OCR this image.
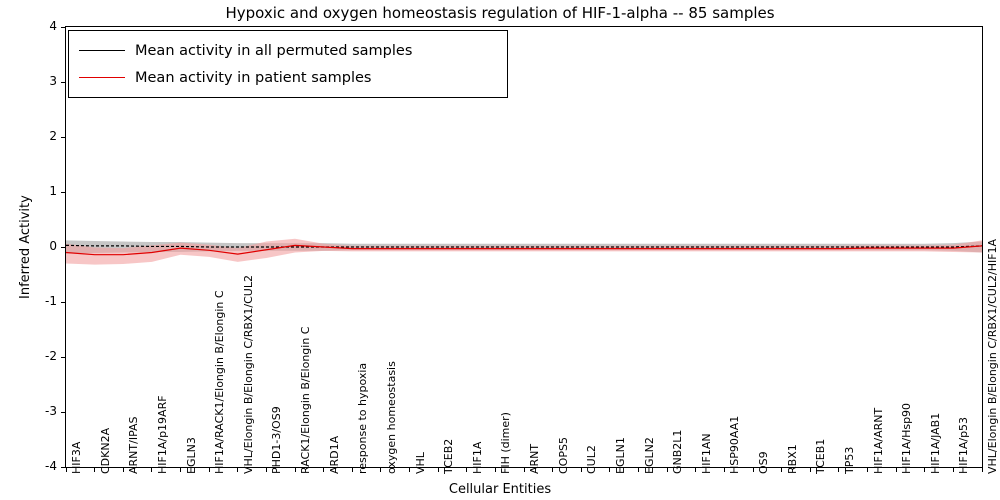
Hypoxic and oxygen homeostasis regulation of HIF-1-alpha -- 85 samples
Inferred Activity
Cellular Entities
-4
-3
-2
-1
0
1
2
3
4
HIF3A CDKN2A ARNT/IPAS HIF1A/p19ARF EGLN3 HIF1A/RACK1/Elongin B/Elongin C VHL/Elongin B/Elongin C/RBX1/CUL2 PHD1-3/OS9 RACK1/Elongin B/Elongin C ARD1A response to hypoxia oxygen homeostasis VHL TCEB2 HIF1A FIH (dimer) ARNT COPS5 CUL2 EGLN1 EGLN2 GNB2L1 HIF1AN HSP90AA1 OS9 RBX1 TCEB1 TP53 HIF1A/ARNT HIF1A/Hsp90 HIF1A/JAB1 HIF1A/p53 VHL/Elongin B/Elongin C/RBX1/CUL2/HIF1A
Mean activity in all permuted samples
Mean activity in patient samples
